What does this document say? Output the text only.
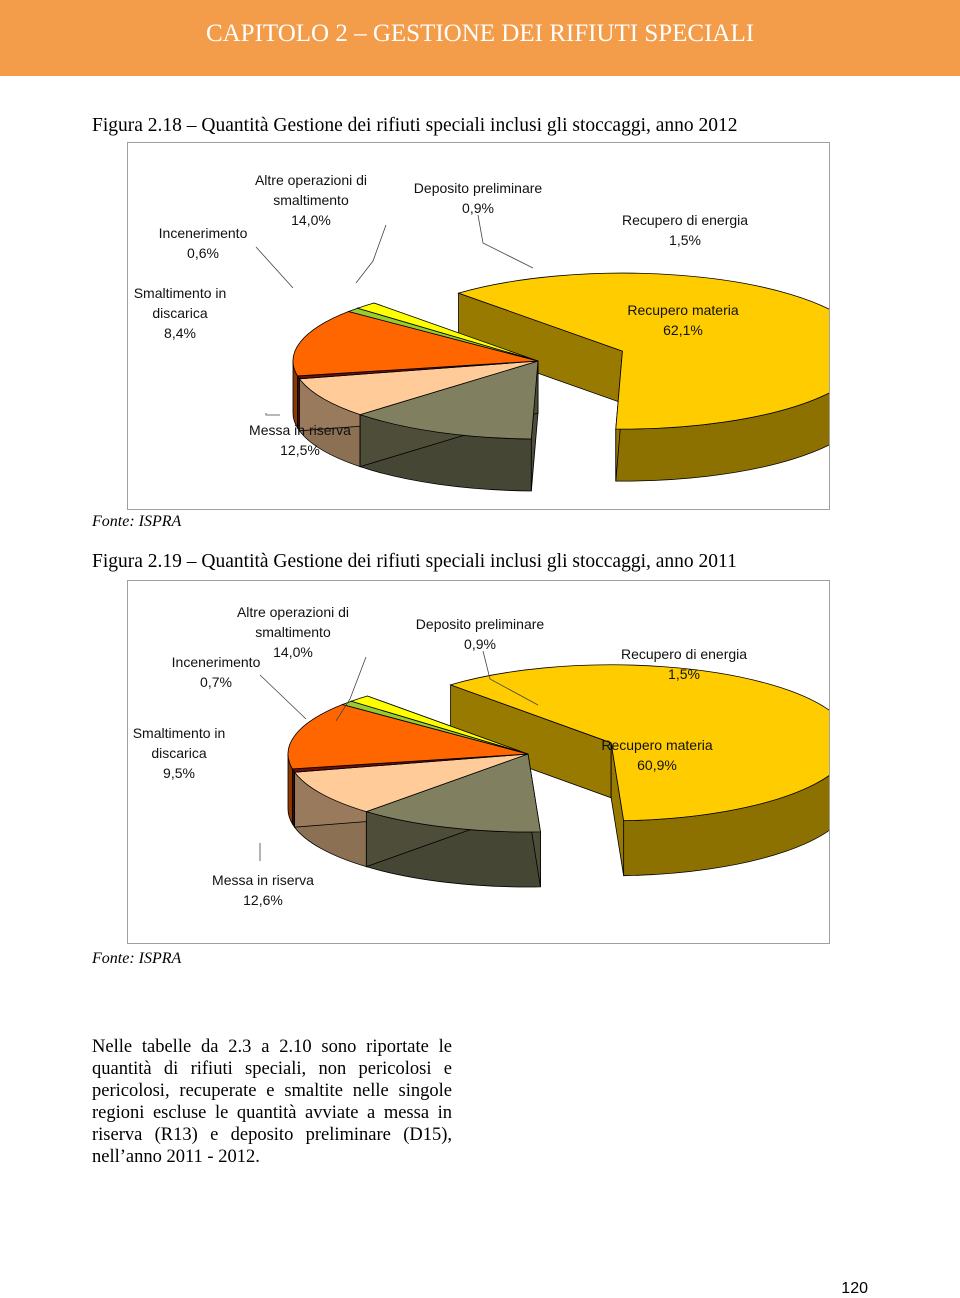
CAPITOLO 2 – GESTIONE DEI RIFIUTI SPECIALI
Figura 2.18 – Quantità Gestione dei rifiuti speciali inclusi gli stoccaggi, anno 2012
Recupero materia 62,1%
Messa in riserva 12,5%
Smaltimento in discarica 8,4%
Incenerimento 0,6%
Altre operazioni di smaltimento 14,0%
Deposito preliminare 0,9%
Recupero di energia 1,5%
Fonte: ISPRA
Figura 2.19 – Quantità Gestione dei rifiuti speciali inclusi gli stoccaggi, anno 2011
Recupero materia 60,9%
Messa in riserva 12,6%
Smaltimento in discarica 9,5%
Incenerimento 0,7%
Altre operazioni di smaltimento 14,0%
Deposito preliminare 0,9%
Recupero di energia 1,5%
Fonte: ISPRA
Nelle tabelle da 2.3 a 2.10 sono riportate le quantità di rifiuti speciali, non pericolosi e pericolosi, recuperate e smaltite nelle singole regioni escluse le quantità avviate a messa in riserva (R13) e deposito preliminare (D15), nell’anno 2011 - 2012.
120
